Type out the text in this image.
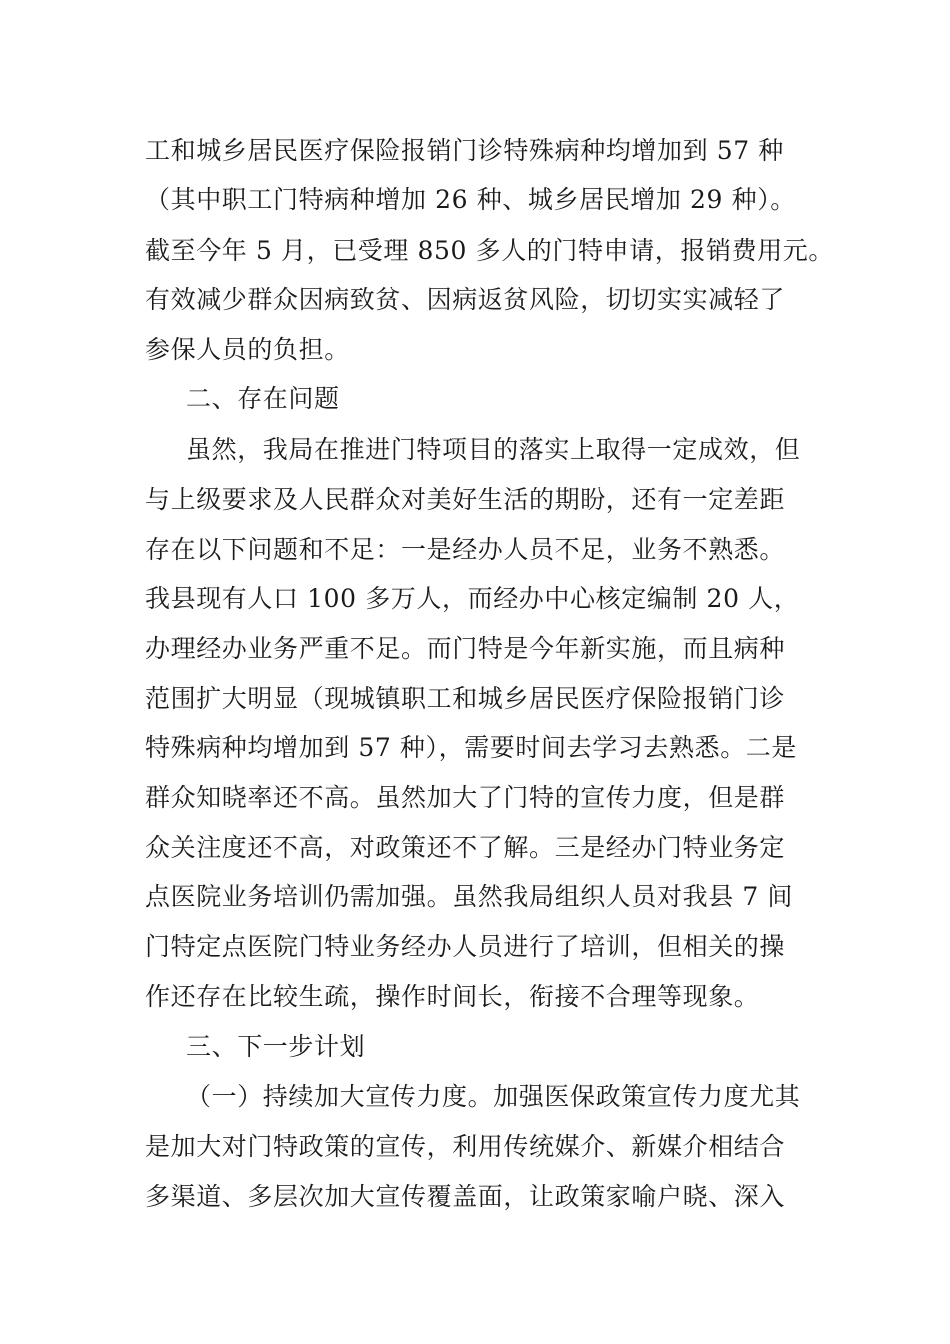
工和城乡居民医疗保险报销门诊特殊病种均增加到 57 种
（其中职工门特病种增加 26 种、城乡居民增加 29 种）。
截至今年 5 月，已受理 850 多人的门特申请，报销费用元。
有效减少群众因病致贫、因病返贫风险，切切实实减轻了
参保人员的负担。
二、存在问题
虽然，我局在推进门特项目的落实上取得一定成效，但
与上级要求及人民群众对美好生活的期盼，还有一定差距
存在以下问题和不足：一是经办人员不足，业务不熟悉。
我县现有人口 100 多万人，而经办中心核定编制 20 人，
办理经办业务严重不足。而门特是今年新实施，而且病种
范围扩大明显（现城镇职工和城乡居民医疗保险报销门诊
特殊病种均增加到 57 种），需要时间去学习去熟悉。二是
群众知晓率还不高。虽然加大了门特的宣传力度，但是群
众关注度还不高，对政策还不了解。三是经办门特业务定
点医院业务培训仍需加强。虽然我局组织人员对我县 7 间
门特定点医院门特业务经办人员进行了培训，但相关的操
作还存在比较生疏，操作时间长，衔接不合理等现象。
三、下一步计划
（一）持续加大宣传力度。加强医保政策宣传力度尤其
是加大对门特政策的宣传，利用传统媒介、新媒介相结合
多渠道、多层次加大宣传覆盖面，让政策家喻户晓、深入
